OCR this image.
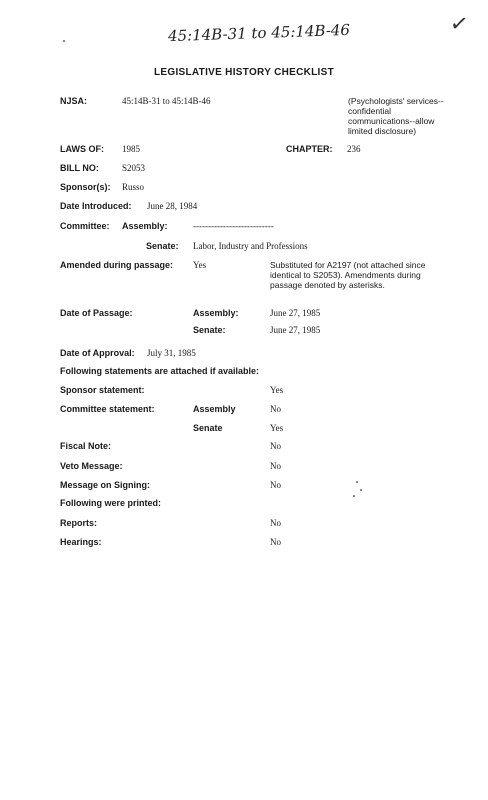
45:14B-31 to 45:14B-46	✓
LEGISLATIVE HISTORY CHECKLIST
NJSA:	45:14B-31 to 45:14B-46	(Psychologists' services--confidential communications--allow limited disclosure)
LAWS OF: 1985	CHAPTER: 236
BILL NO:	S2053
Sponsor(s): Russo
Date Introduced: June 28, 1984
Committee: Assembly:	---------------------------
Senate: Labor, Industry and Professions
Amended during passage: Yes	Substituted for A2197 (not attached since identical to S2053). Amendments during passage denoted by asterisks.
Date of Passage:	Assembly:	June 27, 1985
Senate:	June 27, 1985
Date of Approval: July 31, 1985
Following statements are attached if available:
Sponsor statement:	Yes
Committee statement:	Assembly	No
Senate	Yes
Fiscal Note:	No
Veto Message:	No
Message on Signing:	No
Following were printed:
Reports:	No
Hearings:	No
